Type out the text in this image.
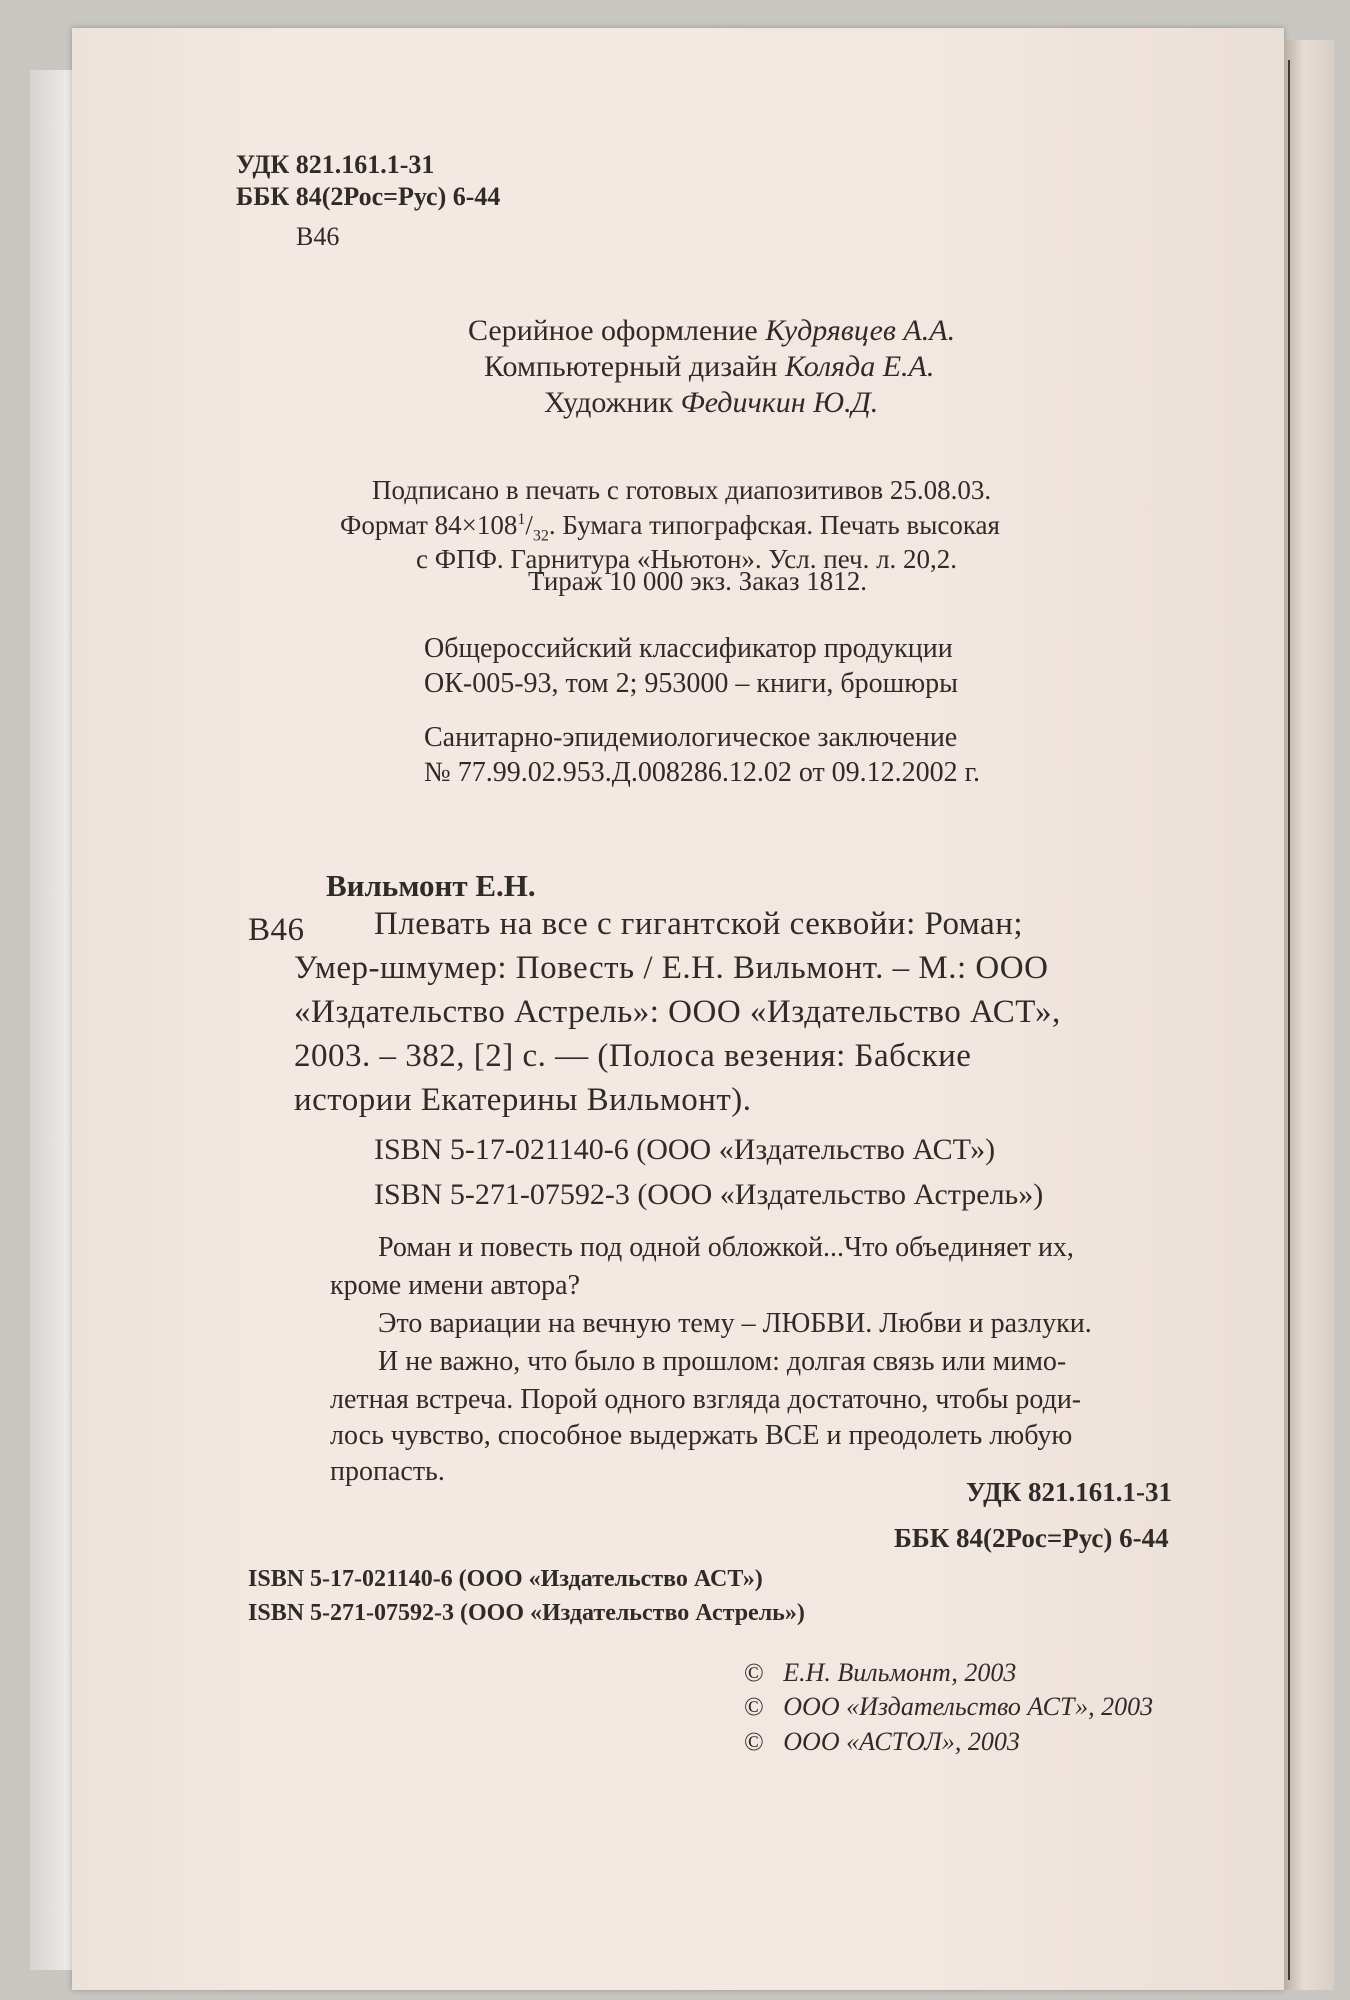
УДК 821.161.1-31

ББК 84(2Рос=Рус) 6-44

В46

Серийное оформление Кудрявцев А.А.

Компьютерный дизайн Коляда Е.А.

Художник Федичкин Ю.Д.

Подписано в печать с готовых диапозитивов 25.08.03.

Формат $84\times 108^1/_{32}$. Бумага типографская. Печать высокая

с ФПФ. Гарнитура «Ньютон». Усл. печ. л. 20,2.

Тираж 10 000 экз. Заказ 1812.

Общероссийский классификатор продукции

ОК-005-93, том 2; 953000 – книги, брошюры

Санитарно-эпидемиологическое заключение

№ 77.99.02.953.Д.008286.12.02 от 09.12.2002 г.

Вильмонт Е.Н.

В46 Плевать на все с гигантской секвойи: Роман;

Умер-шмумер: Повесть / Е.Н. Вильмонт. – М.: ООО

«Издательство Астрель»: ООО «Издательство АСТ»,

2003. – 382, [2] с. — (Полоса везения: Бабские

истории Екатерины Вильмонт).

ISBN 5-17-021140-6 (ООО «Издательство АСТ»)

ISBN 5-271-07592-3 (ООО «Издательство Астрель»)

Роман и повесть под одной обложкой...Что объединяет их,

кроме имени автора?

Это вариации на вечную тему – ЛЮБВИ. Любви и разлуки.

И не важно, что было в прошлом: долгая связь или мимо-

летная встреча. Порой одного взгляда достаточно, чтобы роди-

лось чувство, способное выдержать ВСЕ и преодолеть любую

пропасть.

УДК 821.161.1-31

ББК 84(2Рос=Рус) 6-44

ISBN 5-17-021140-6 (ООО «Издательство АСТ»)

ISBN 5-271-07592-3 (ООО «Издательство Астрель»)

© Е.Н. Вильмонт, 2003

© ООО «Издательство АСТ», 2003

© ООО «АСТОЛ», 2003
